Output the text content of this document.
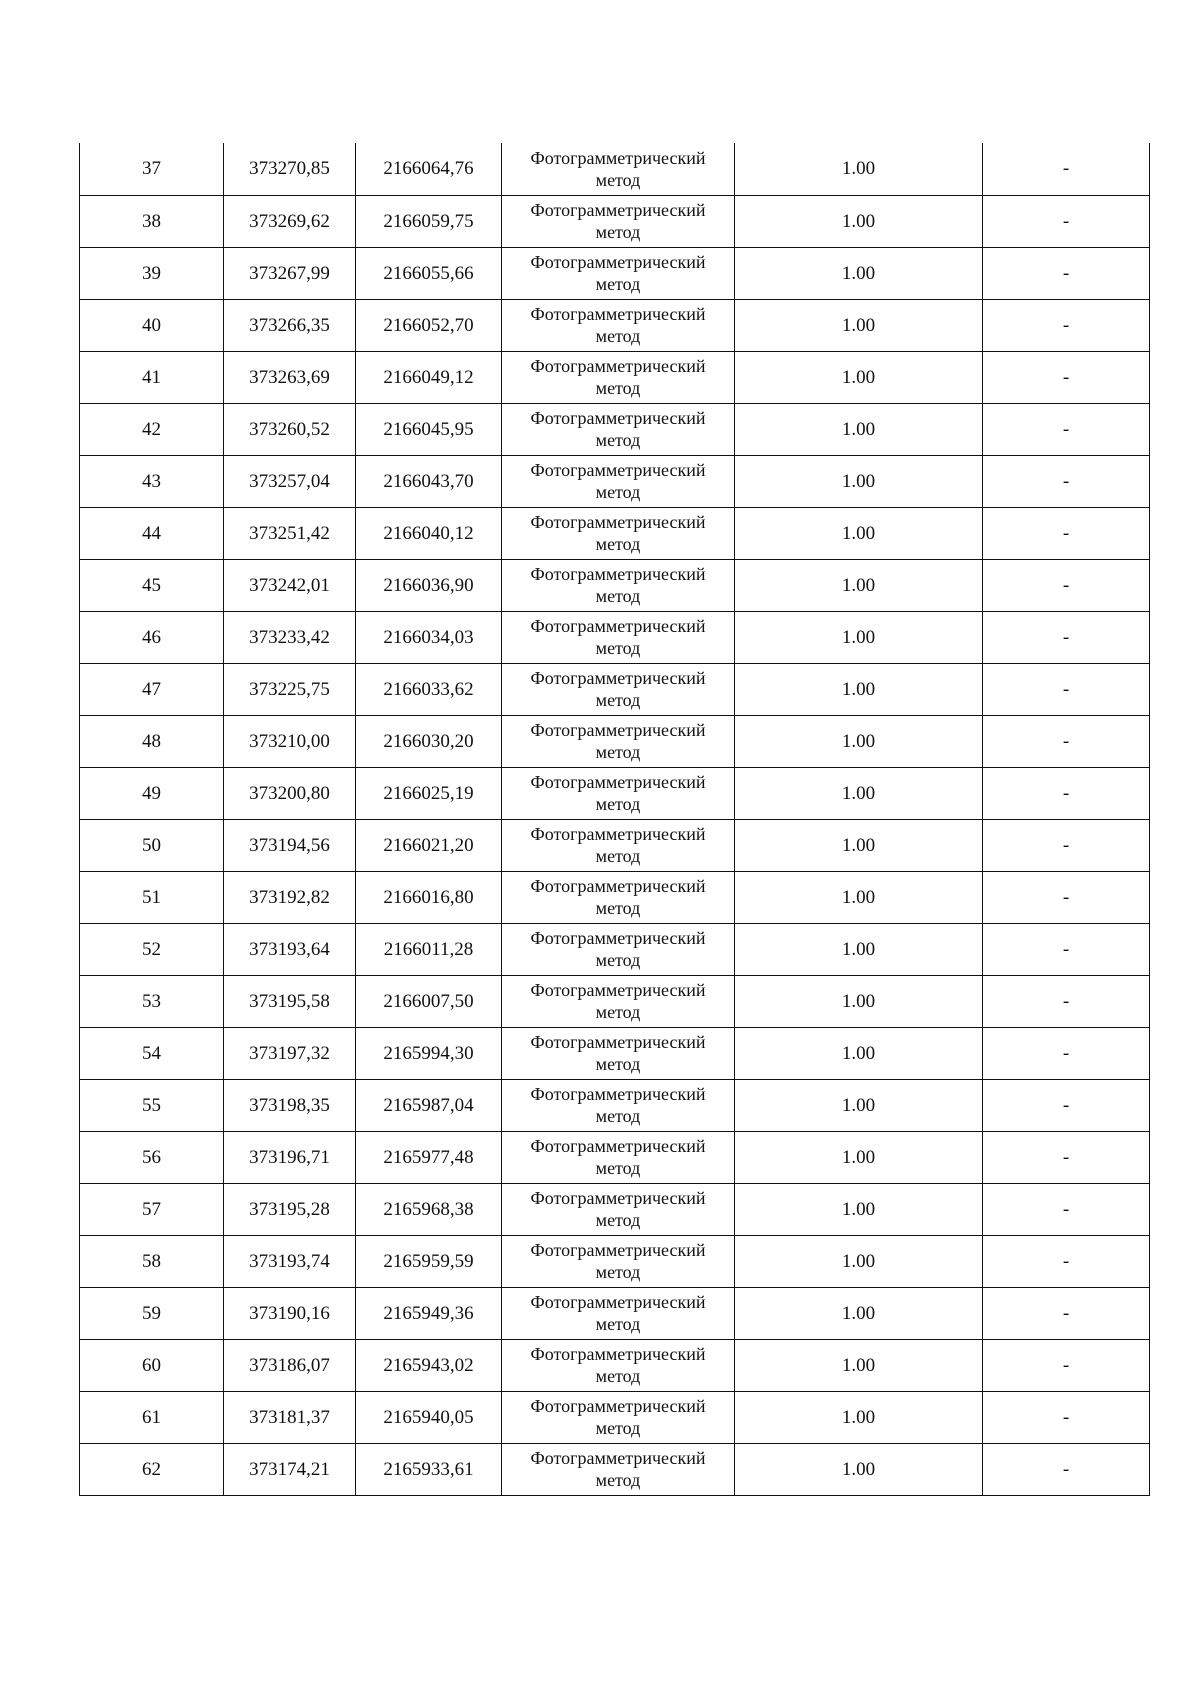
37	373270,85	2166064,76	Фотограмметрический
метод	1.00	-
38	373269,62	2166059,75	Фотограмметрический
метод	1.00	-
39	373267,99	2166055,66	Фотограмметрический
метод	1.00	-
40	373266,35	2166052,70	Фотограмметрический
метод	1.00	-
41	373263,69	2166049,12	Фотограмметрический
метод	1.00	-
42	373260,52	2166045,95	Фотограмметрический
метод	1.00	-
43	373257,04	2166043,70	Фотограмметрический
метод	1.00	-
44	373251,42	2166040,12	Фотограмметрический
метод	1.00	-
45	373242,01	2166036,90	Фотограмметрический
метод	1.00	-
46	373233,42	2166034,03	Фотограмметрический
метод	1.00	-
47	373225,75	2166033,62	Фотограмметрический
метод	1.00	-
48	373210,00	2166030,20	Фотограмметрический
метод	1.00	-
49	373200,80	2166025,19	Фотограмметрический
метод	1.00	-
50	373194,56	2166021,20	Фотограмметрический
метод	1.00	-
51	373192,82	2166016,80	Фотограмметрический
метод	1.00	-
52	373193,64	2166011,28	Фотограмметрический
метод	1.00	-
53	373195,58	2166007,50	Фотограмметрический
метод	1.00	-
54	373197,32	2165994,30	Фотограмметрический
метод	1.00	-
55	373198,35	2165987,04	Фотограмметрический
метод	1.00	-
56	373196,71	2165977,48	Фотограмметрический
метод	1.00	-
57	373195,28	2165968,38	Фотограмметрический
метод	1.00	-
58	373193,74	2165959,59	Фотограмметрический
метод	1.00	-
59	373190,16	2165949,36	Фотограмметрический
метод	1.00	-
60	373186,07	2165943,02	Фотограмметрический
метод	1.00	-
61	373181,37	2165940,05	Фотограмметрический
метод	1.00	-
62	373174,21	2165933,61	Фотограмметрический
метод	1.00	-
